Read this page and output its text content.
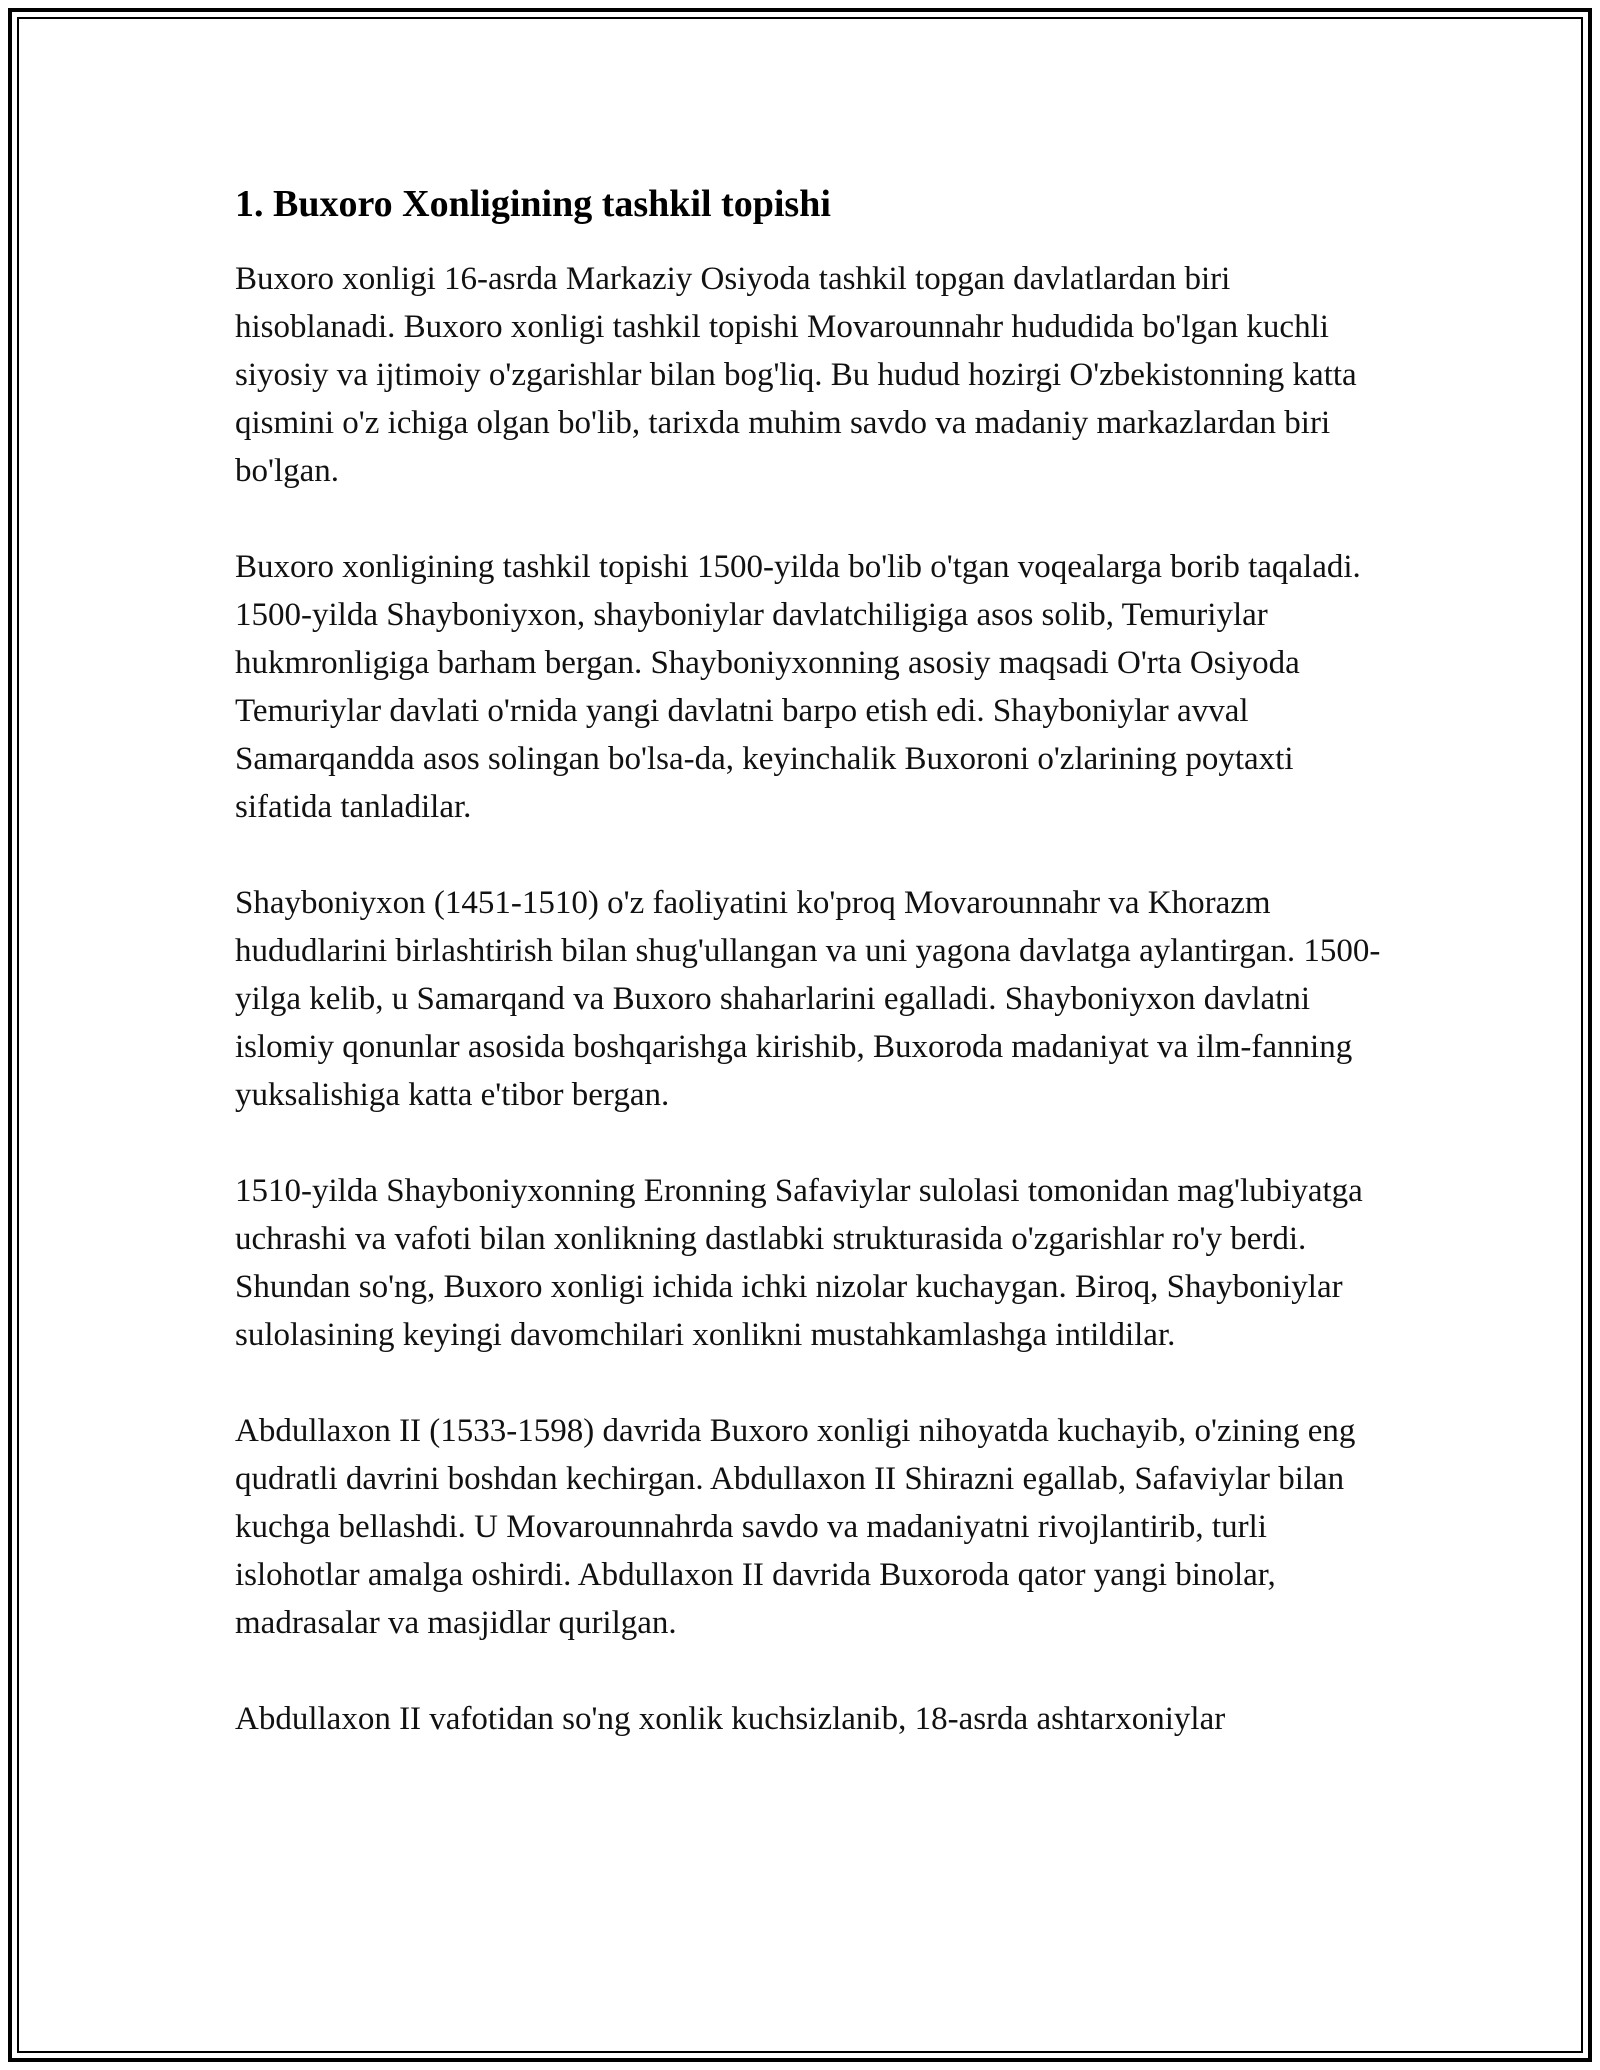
1. Buxoro Xonligining tashkil topishi

Buxoro xonligi 16-asrda Markaziy Osiyoda tashkil topgan davlatlardan biri hisoblanadi. Buxoro xonligi tashkil topishi Movarounnahr hududida bo'lgan kuchli siyosiy va ijtimoiy o'zgarishlar bilan bog'liq. Bu hudud hozirgi O'zbekistonning katta qismini o'z ichiga olgan bo'lib, tarixda muhim savdo va madaniy markazlardan biri bo'lgan.

Buxoro xonligining tashkil topishi 1500-yilda bo'lib o'tgan voqealarga borib taqaladi. 1500-yilda Shayboniyxon, shayboniylar davlatchiligiga asos solib, Temuriylar hukmronligiga barham bergan. Shayboniyxonning asosiy maqsadi O'rta Osiyoda Temuriylar davlati o'rnida yangi davlatni barpo etish edi. Shayboniylar avval Samarqandda asos solingan bo'lsa-da, keyinchalik Buxoroni o'zlarining poytaxti sifatida tanladilar.

Shayboniyxon (1451-1510) o'z faoliyatini ko'proq Movarounnahr va Khorazm hududlarini birlashtirish bilan shug'ullangan va uni yagona davlatga aylantirgan. 1500-yilga kelib, u Samarqand va Buxoro shaharlarini egalladi. Shayboniyxon davlatni islomiy qonunlar asosida boshqarishga kirishib, Buxoroda madaniyat va ilm-fanning yuksalishiga katta e'tibor bergan.

1510-yilda Shayboniyxonning Eronning Safaviylar sulolasi tomonidan mag'lubiyatga uchrashi va vafoti bilan xonlikning dastlabki strukturasida o'zgarishlar ro'y berdi. Shundan so'ng, Buxoro xonligi ichida ichki nizolar kuchaygan. Biroq, Shayboniylar sulolasining keyingi davomchilari xonlikni mustahkamlashga intildilar.

Abdullaxon II (1533-1598) davrida Buxoro xonligi nihoyatda kuchayib, o'zining eng qudratli davrini boshdan kechirgan. Abdullaxon II Shirazni egallab, Safaviylar bilan kuchga bellashdi. U Movarounnahrda savdo va madaniyatni rivojlantirib, turli islohotlar amalga oshirdi. Abdullaxon II davrida Buxoroda qator yangi binolar, madrasalar va masjidlar qurilgan.

Abdullaxon II vafotidan so'ng xonlik kuchsizlanib, 18-asrda ashtarxoniylar
